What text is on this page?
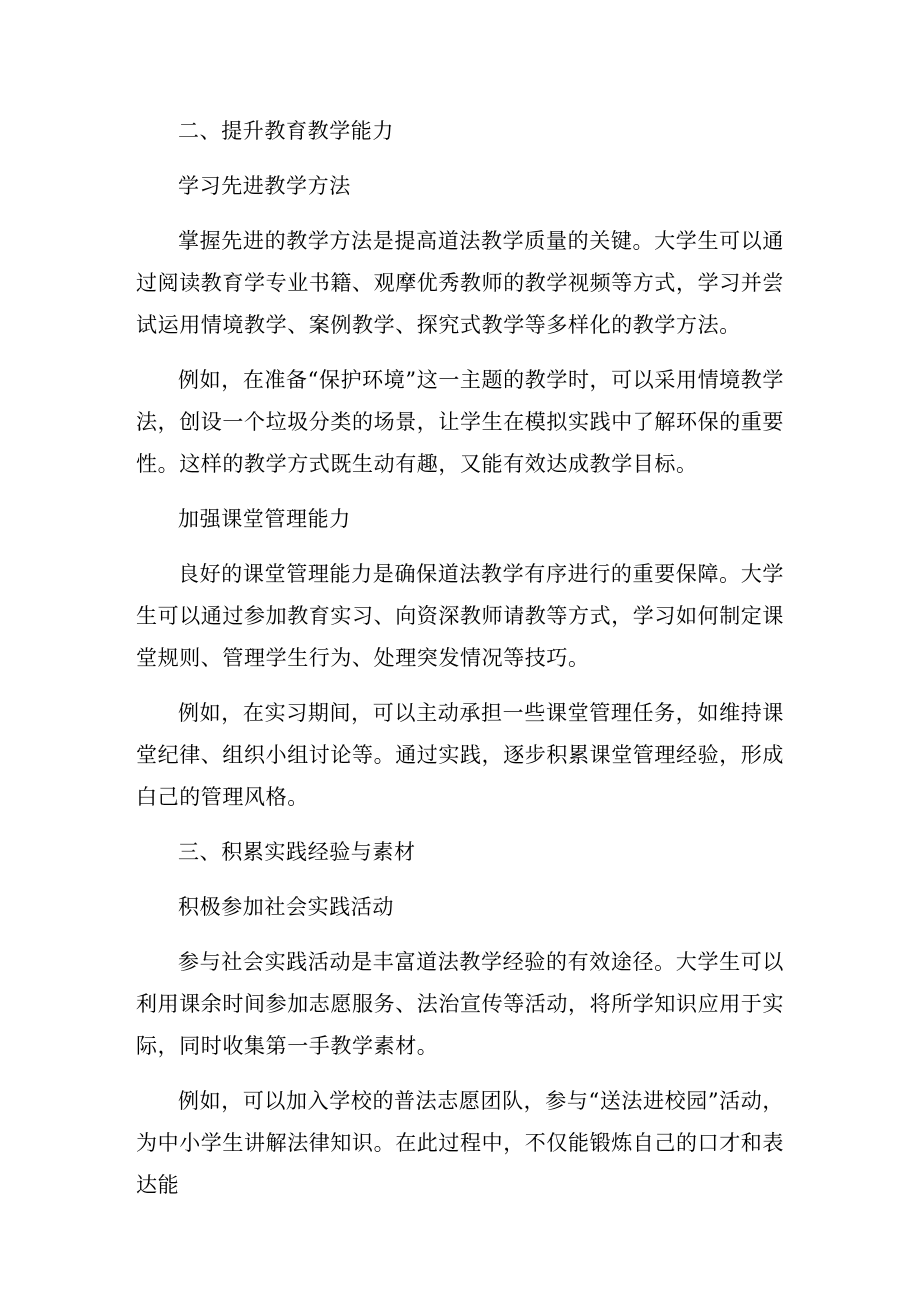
二、提升教育教学能力

学习先进教学方法

掌握先进的教学方法是提高道法教学质量的关键。大学生可以通过阅读教育学专业书籍、观摩优秀教师的教学视频等方式，学习并尝试运用情境教学、案例教学、探究式教学等多样化的教学方法。

例如，在准备“保护环境”这一主题的教学时，可以采用情境教学法，创设一个垃圾分类的场景，让学生在模拟实践中了解环保的重要性。这样的教学方式既生动有趣，又能有效达成教学目标。

加强课堂管理能力

良好的课堂管理能力是确保道法教学有序进行的重要保障。大学生可以通过参加教育实习、向资深教师请教等方式，学习如何制定课堂规则、管理学生行为、处理突发情况等技巧。

例如，在实习期间，可以主动承担一些课堂管理任务，如维持课堂纪律、组织小组讨论等。通过实践，逐步积累课堂管理经验，形成白己的管理风格。

三、积累实践经验与素材

积极参加社会实践活动

参与社会实践活动是丰富道法教学经验的有效途径。大学生可以利用课余时间参加志愿服务、法治宣传等活动，将所学知识应用于实际，同时收集第一手教学素材。

例如，可以加入学校的普法志愿团队，参与“送法进校园”活动，为中小学生讲解法律知识。在此过程中，不仅能锻炼自己的口才和表达能
